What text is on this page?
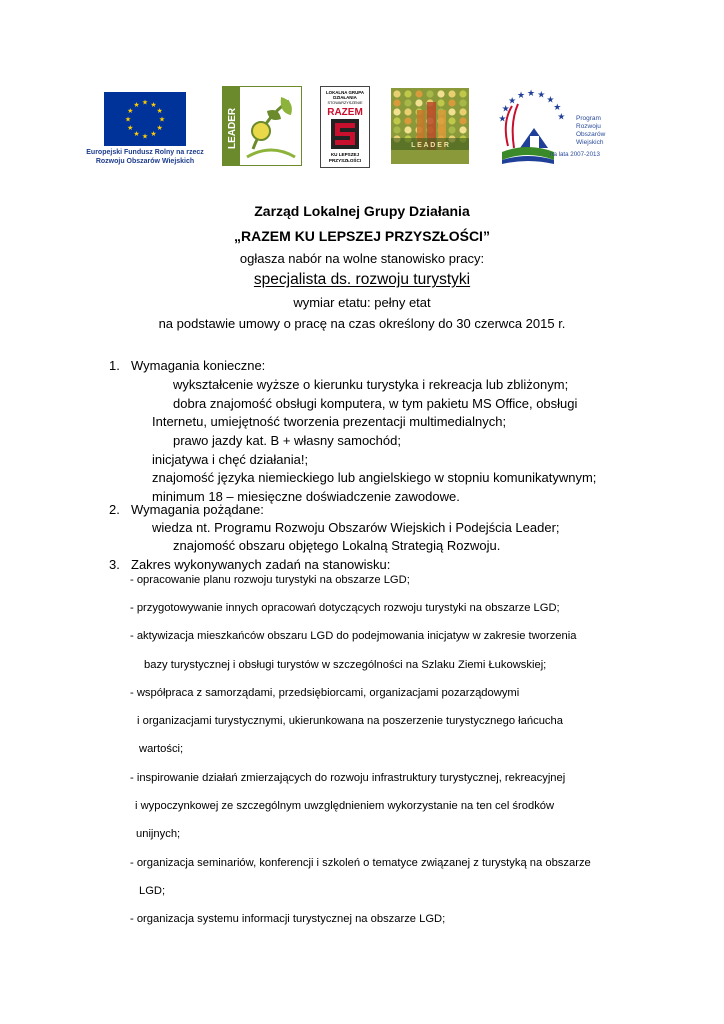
★ ★
★
★
★
★
★
★
★
★
★
★
Europejski Fundusz Rolny na rzecz
Rozwoju Obszarów Wiejskich
LEADER
LOKALNA GRUPA
DZIAŁANIA
STOWARZYSZENIE
RAZEM
KU LEPSZEJ
PRZYSZŁOŚCI
L E A D E R
★
★
★
★ ★ ★ ★
★
★ Program
Rozwoju
Obszarów
Wiejskich
na lata 2007-2013
Zarząd Lokalnej Grupy Działania
„RAZEM KU LEPSZEJ PRZYSZŁOŚCI”
ogłasza nabór na wolne stanowisko pracy:
specjalista ds. rozwoju turystyki
wymiar etatu: pełny etat
na podstawie umowy o pracę na czas określony do 30 czerwca 2015 r.
1. Wymagania konieczne:
wykształcenie wyższe o kierunku turystyka i rekreacja lub zbliżonym;
dobra znajomość obsługi komputera, w tym pakietu MS Office, obsługi
Internetu, umiejętność tworzenia prezentacji multimedialnych;
prawo jazdy kat. B + własny samochód;
inicjatywa i chęć działania!;
znajomość języka niemieckiego lub angielskiego w stopniu komunikatywnym;
minimum 18 – miesięczne doświadczenie zawodowe.
2. Wymagania pożądane:
wiedza nt. Programu Rozwoju Obszarów Wiejskich i Podejścia Leader;
znajomość obszaru objętego Lokalną Strategią Rozwoju.
3. Zakres wykonywanych zadań na stanowisku:
- opracowanie planu rozwoju turystyki na obszarze LGD;
- przygotowywanie innych opracowań dotyczących rozwoju turystyki na obszarze LGD;
- aktywizacja mieszkańców obszaru LGD do podejmowania inicjatyw w zakresie tworzenia
bazy turystycznej i obsługi turystów w szczególności na Szlaku Ziemi Łukowskiej;
- współpraca z samorządami, przedsiębiorcami, organizacjami pozarządowymi
i organizacjami turystycznymi, ukierunkowana na poszerzenie turystycznego łańcucha
wartości;
- inspirowanie działań zmierzających do rozwoju infrastruktury turystycznej, rekreacyjnej
i wypoczynkowej ze szczególnym uwzględnieniem wykorzystanie na ten cel środków
unijnych;
- organizacja seminariów, konferencji i szkoleń o tematyce związanej z turystyką na obszarze
LGD;
- organizacja systemu informacji turystycznej na obszarze LGD;
